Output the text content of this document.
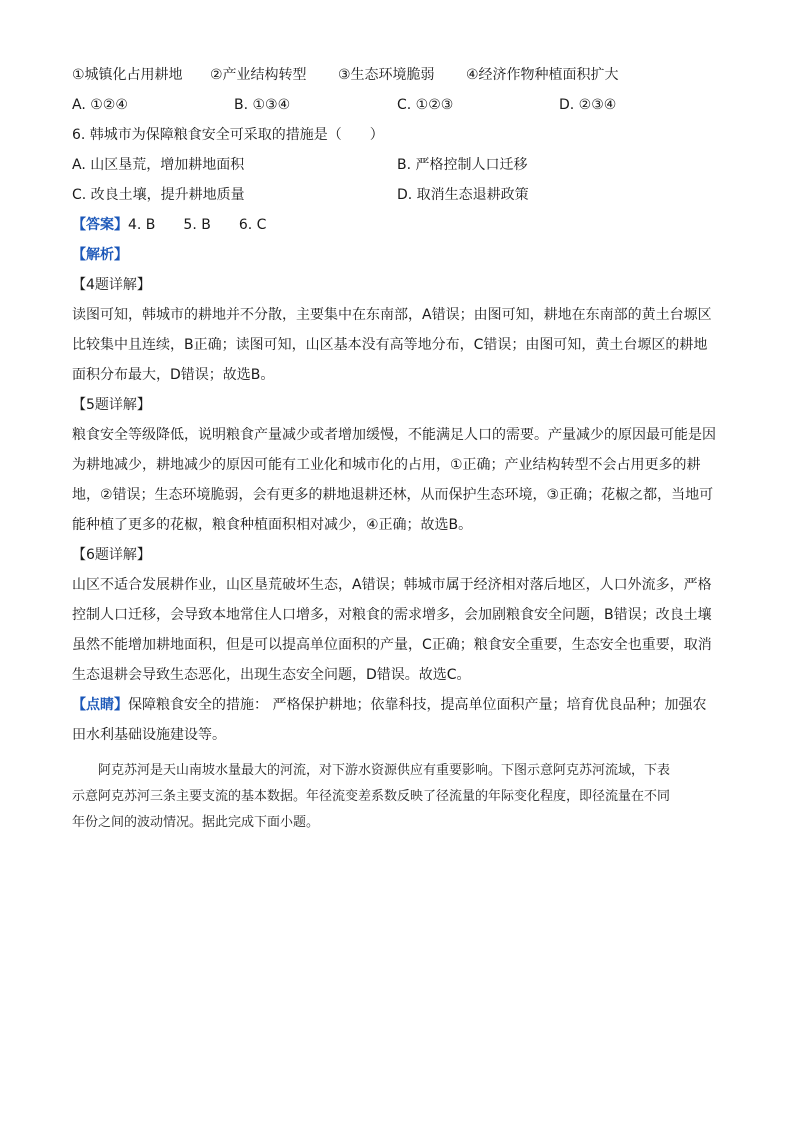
①城镇化占用耕地 ②产业结构转型 ③生态环境脆弱 ④经济作物种植面积扩大
A. ①②④	B. ①③④	C. ①②③	D. ②③④
6. 韩城市为保障粮食安全可采取的措施是（　　）
A. 山区垦荒，增加耕地面积	B. 严格控制人口迁移
C. 改良土壤，提升耕地质量	D. 取消生态退耕政策
【答案】4. B　　5. B　　6. C
【解析】
【4题详解】
读图可知，韩城市的耕地并不分散，主要集中在东南部，A错误；由图可知，耕地在东南部的黄土台塬区
比较集中且连续，B正确；读图可知，山区基本没有高等地分布，C错误；由图可知，黄土台塬区的耕地
面积分布最大，D错误；故选B。
【5题详解】
粮食安全等级降低，说明粮食产量减少或者增加缓慢，不能满足人口的需要。产量减少的原因最可能是因
为耕地减少，耕地减少的原因可能有工业化和城市化的占用，①正确；产业结构转型不会占用更多的耕
地，②错误；生态环境脆弱，会有更多的耕地退耕还林，从而保护生态环境，③正确；花椒之都，当地可
能种植了更多的花椒，粮食种植面积相对减少，④正确；故选B。
【6题详解】
山区不适合发展耕作业，山区垦荒破坏生态，A错误；韩城市属于经济相对落后地区，人口外流多，严格
控制人口迁移，会导致本地常住人口增多，对粮食的需求增多，会加剧粮食安全问题，B错误；改良土壤
虽然不能增加耕地面积，但是可以提高单位面积的产量，C正确；粮食安全重要，生态安全也重要，取消
生态退耕会导致生态恶化，出现生态安全问题，D错误。故选C。
【点睛】保障粮食安全的措施： 严格保护耕地；依靠科技，提高单位面积产量；培育优良品种；加强农
田水利基础设施建设等。
阿克苏河是天山南坡水量最大的河流，对下游水资源供应有重要影响。下图示意阿克苏河流域，下表
示意阿克苏河三条主要支流的基本数据。年径流变差系数反映了径流量的年际变化程度，即径流量在不同
年份之间的波动情况。据此完成下面小题。
